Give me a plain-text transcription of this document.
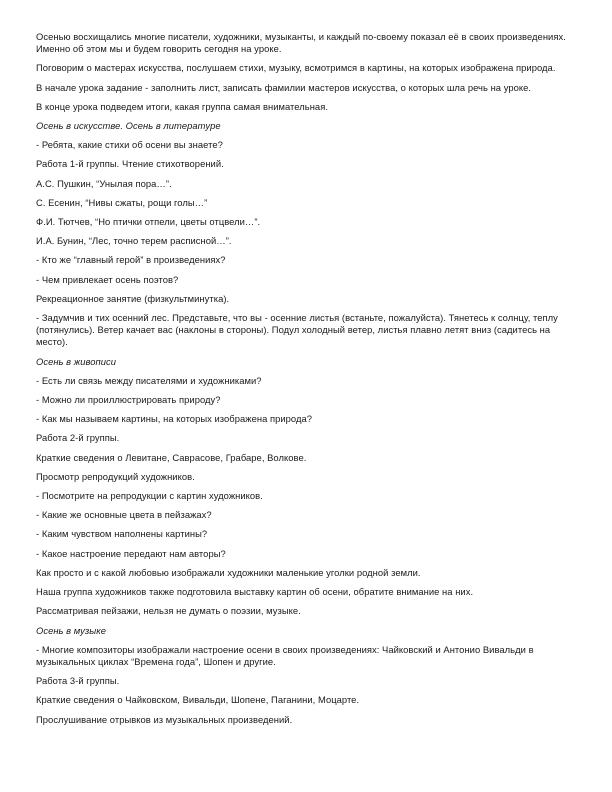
Осенью восхищались многие писатели, художники, музыканты, и каждый по-своему показал её в своих произведениях. Именно об этом мы и будем говорить сегодня на уроке.

Поговорим о мастерах искусства, послушаем стихи, музыку, всмотримся в картины, на которых изображена природа.

В начале урока задание - заполнить лист, записать фамилии мастеров искусства, о которых шла речь на уроке.

В конце урока подведем итоги, какая группа самая внимательная.

Осень в искусстве. Осень в литературе

- Ребята, какие стихи об осени вы знаете?

Работа 1-й группы. Чтение стихотворений.

А.С. Пушкин, “Унылая пора…”.

С. Есенин, “Нивы сжаты, рощи голы…”

Ф.И. Тютчев, “Но птички отпели, цветы отцвели…”.

И.А. Бунин, “Лес, точно терем расписной…”.

- Кто же “главный герой” в произведениях?

- Чем привлекает осень поэтов?

Рекреационное занятие (физкультминутка).

- Задумчив и тих осенний лес. Представьте, что вы - осенние листья (встаньте, пожалуйста). Тянетесь к солнцу, теплу (потянулись). Ветер качает вас (наклоны в стороны). Подул холодный ветер, листья плавно летят вниз (садитесь на место).

Осень в живописи

- Есть ли связь между писателями и художниками?

- Можно ли проиллюстрировать природу?

- Как мы называем картины, на которых изображена природа?

Работа 2-й группы.

Краткие сведения о Левитане, Саврасове, Грабаре, Волкове.

Просмотр репродукций художников.

- Посмотрите на репродукции с картин художников.

- Какие же основные цвета в пейзажах?

- Каким чувством наполнены картины?

- Какое настроение передают нам авторы?

Как просто и с какой любовью изображали художники маленькие уголки родной земли.

Наша группа художников также подготовила выставку картин об осени, обратите внимание на них.

Рассматривая пейзажи, нельзя не думать о поэзии, музыке.

Осень в музыке

- Многие композиторы изображали настроение осени в своих произведениях: Чайковский и Антонио Вивальди в музыкальных циклах “Времена года”, Шопен и другие.

Работа 3-й группы.

Краткие сведения о Чайковском, Вивальди, Шопене, Паганини, Моцарте.

Прослушивание отрывков из музыкальных произведений.
